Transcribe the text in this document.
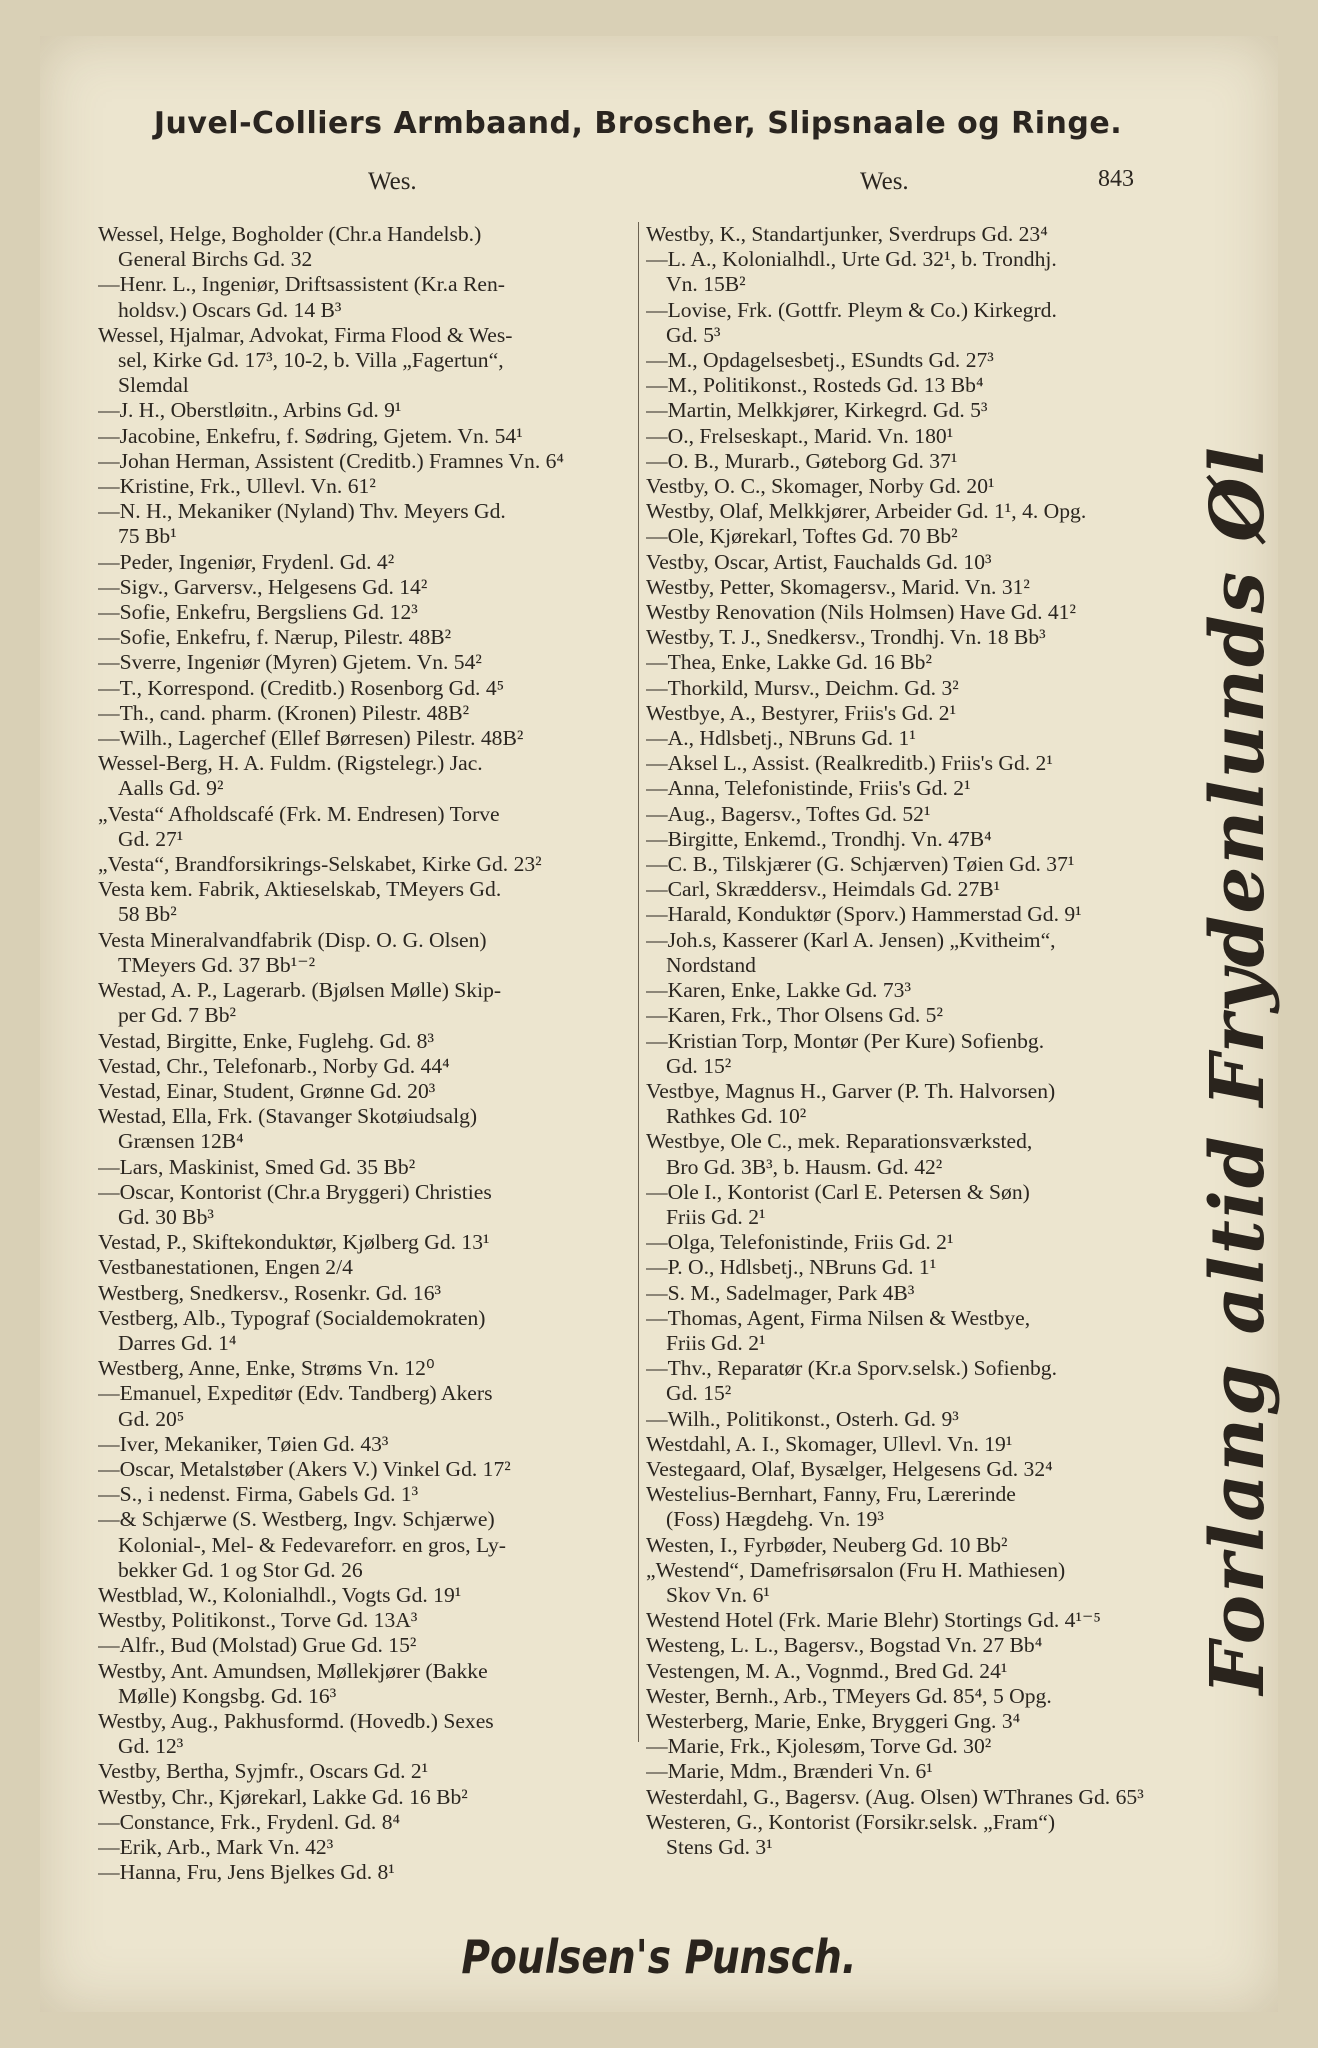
Juvel-Colliers Armbaand, Broscher, Slipsnaale og Ringe.
Wes.	Wes.	843
Wessel, Helge, Bogholder (Chr.a Handelsb.)
General Birchs Gd. 32
—Henr. L., Ingeniør, Driftsassistent (Kr.a Ren-
holdsv.) Oscars Gd. 14 B³
Wessel, Hjalmar, Advokat, Firma Flood & Wes-
sel, Kirke Gd. 17³, 10-2, b. Villa „Fagertun“,
Slemdal
—J. H., Oberstløitn., Arbins Gd. 9¹
—Jacobine, Enkefru, f. Sødring, Gjetem. Vn. 54¹
—Johan Herman, Assistent (Creditb.) Framnes Vn. 6⁴
—Kristine, Frk., Ullevl. Vn. 61²
—N. H., Mekaniker (Nyland) Thv. Meyers Gd.
75 Bb¹
—Peder, Ingeniør, Frydenl. Gd. 4²
—Sigv., Garversv., Helgesens Gd. 14²
—Sofie, Enkefru, Bergsliens Gd. 12³
—Sofie, Enkefru, f. Nærup, Pilestr. 48B²
—Sverre, Ingeniør (Myren) Gjetem. Vn. 54²
—T., Korrespond. (Creditb.) Rosenborg Gd. 4⁵
—Th., cand. pharm. (Kronen) Pilestr. 48B²
—Wilh., Lagerchef (Ellef Børresen) Pilestr. 48B²
Wessel-Berg, H. A. Fuldm. (Rigstelegr.) Jac.
Aalls Gd. 9²
„Vesta“ Afholdscafé (Frk. M. Endresen) Torve
Gd. 27¹
„Vesta“, Brandforsikrings-Selskabet, Kirke Gd. 23²
Vesta kem. Fabrik, Aktieselskab, TMeyers Gd.
58 Bb²
Vesta Mineralvandfabrik (Disp. O. G. Olsen)
TMeyers Gd. 37 Bb¹⁻²
Westad, A. P., Lagerarb. (Bjølsen Mølle) Skip-
per Gd. 7 Bb²
Vestad, Birgitte, Enke, Fuglehg. Gd. 8³
Vestad, Chr., Telefonarb., Norby Gd. 44⁴
Vestad, Einar, Student, Grønne Gd. 20³
Westad, Ella, Frk. (Stavanger Skotøiudsalg)
Grænsen 12B⁴
—Lars, Maskinist, Smed Gd. 35 Bb²
—Oscar, Kontorist (Chr.a Bryggeri) Christies
Gd. 30 Bb³
Vestad, P., Skiftekonduktør, Kjølberg Gd. 13¹
Vestbanestationen, Engen 2/4
Westberg, Snedkersv., Rosenkr. Gd. 16³
Vestberg, Alb., Typograf (Socialdemokraten)
Darres Gd. 1⁴
Westberg, Anne, Enke, Strøms Vn. 12⁰
—Emanuel, Expeditør (Edv. Tandberg) Akers
Gd. 20⁵
—Iver, Mekaniker, Tøien Gd. 43³
—Oscar, Metalstøber (Akers V.) Vinkel Gd. 17²
—S., i nedenst. Firma, Gabels Gd. 1³
—& Schjærwe (S. Westberg, Ingv. Schjærwe)
Kolonial-, Mel- & Fedevareforr. en gros, Ly-
bekker Gd. 1 og Stor Gd. 26
Westblad, W., Kolonialhdl., Vogts Gd. 19¹
Westby, Politikonst., Torve Gd. 13A³
—Alfr., Bud (Molstad) Grue Gd. 15²
Westby, Ant. Amundsen, Møllekjører (Bakke
Mølle) Kongsbg. Gd. 16³
Westby, Aug., Pakhusformd. (Hovedb.) Sexes
Gd. 12³
Vestby, Bertha, Syjmfr., Oscars Gd. 2¹
Westby, Chr., Kjørekarl, Lakke Gd. 16 Bb²
—Constance, Frk., Frydenl. Gd. 8⁴
—Erik, Arb., Mark Vn. 42³
—Hanna, Fru, Jens Bjelkes Gd. 8¹
Westby, K., Standartjunker, Sverdrups Gd. 23⁴
—L. A., Kolonialhdl., Urte Gd. 32¹, b. Trondhj.
Vn. 15B²
—Lovise, Frk. (Gottfr. Pleym & Co.) Kirkegrd.
Gd. 5³
—M., Opdagelsesbetj., ESundts Gd. 27³
—M., Politikonst., Rosteds Gd. 13 Bb⁴
—Martin, Melkkjører, Kirkegrd. Gd. 5³
—O., Frelseskapt., Marid. Vn. 180¹
—O. B., Murarb., Gøteborg Gd. 37¹
Vestby, O. C., Skomager, Norby Gd. 20¹
Westby, Olaf, Melkkjører, Arbeider Gd. 1¹, 4. Opg.
—Ole, Kjørekarl, Toftes Gd. 70 Bb²
Vestby, Oscar, Artist, Fauchalds Gd. 10³
Westby, Petter, Skomagersv., Marid. Vn. 31²
Westby Renovation (Nils Holmsen) Have Gd. 41²
Westby, T. J., Snedkersv., Trondhj. Vn. 18 Bb³
—Thea, Enke, Lakke Gd. 16 Bb²
—Thorkild, Mursv., Deichm. Gd. 3²
Westbye, A., Bestyrer, Friis's Gd. 2¹
—A., Hdlsbetj., NBruns Gd. 1¹
—Aksel L., Assist. (Realkreditb.) Friis's Gd. 2¹
—Anna, Telefonistinde, Friis's Gd. 2¹
—Aug., Bagersv., Toftes Gd. 52¹
—Birgitte, Enkemd., Trondhj. Vn. 47B⁴
—C. B., Tilskjærer (G. Schjærven) Tøien Gd. 37¹
—Carl, Skræddersv., Heimdals Gd. 27B¹
—Harald, Konduktør (Sporv.) Hammerstad Gd. 9¹
—Joh.s, Kasserer (Karl A. Jensen) „Kvitheim“,
Nordstand
—Karen, Enke, Lakke Gd. 73³
—Karen, Frk., Thor Olsens Gd. 5²
—Kristian Torp, Montør (Per Kure) Sofienbg.
Gd. 15²
Vestbye, Magnus H., Garver (P. Th. Halvorsen)
Rathkes Gd. 10²
Westbye, Ole C., mek. Reparationsværksted,
Bro Gd. 3B³, b. Hausm. Gd. 42²
—Ole I., Kontorist (Carl E. Petersen & Søn)
Friis Gd. 2¹
—Olga, Telefonistinde, Friis Gd. 2¹
—P. O., Hdlsbetj., NBruns Gd. 1¹
—S. M., Sadelmager, Park 4B³
—Thomas, Agent, Firma Nilsen & Westbye,
Friis Gd. 2¹
—Thv., Reparatør (Kr.a Sporv.selsk.) Sofienbg.
Gd. 15²
—Wilh., Politikonst., Osterh. Gd. 9³
Westdahl, A. I., Skomager, Ullevl. Vn. 19¹
Vestegaard, Olaf, Bysælger, Helgesens Gd. 32⁴
Westelius-Bernhart, Fanny, Fru, Lærerinde
(Foss) Hægdehg. Vn. 19³
Westen, I., Fyrbøder, Neuberg Gd. 10 Bb²
„Westend“, Damefrisørsalon (Fru H. Mathiesen)
Skov Vn. 6¹
Westend Hotel (Frk. Marie Blehr) Stortings Gd. 4¹⁻⁵
Westeng, L. L., Bagersv., Bogstad Vn. 27 Bb⁴
Vestengen, M. A., Vognmd., Bred Gd. 24¹
Wester, Bernh., Arb., TMeyers Gd. 85⁴, 5 Opg.
Westerberg, Marie, Enke, Bryggeri Gng. 3⁴
—Marie, Frk., Kjolesøm, Torve Gd. 30²
—Marie, Mdm., Brænderi Vn. 6¹
Westerdahl, G., Bagersv. (Aug. Olsen) WThranes Gd. 65³
Westeren, G., Kontorist (Forsikr.selsk. „Fram“)
Stens Gd. 3¹
Forlang altid Frydenlunds Øl
Poulsen's Punsch.
